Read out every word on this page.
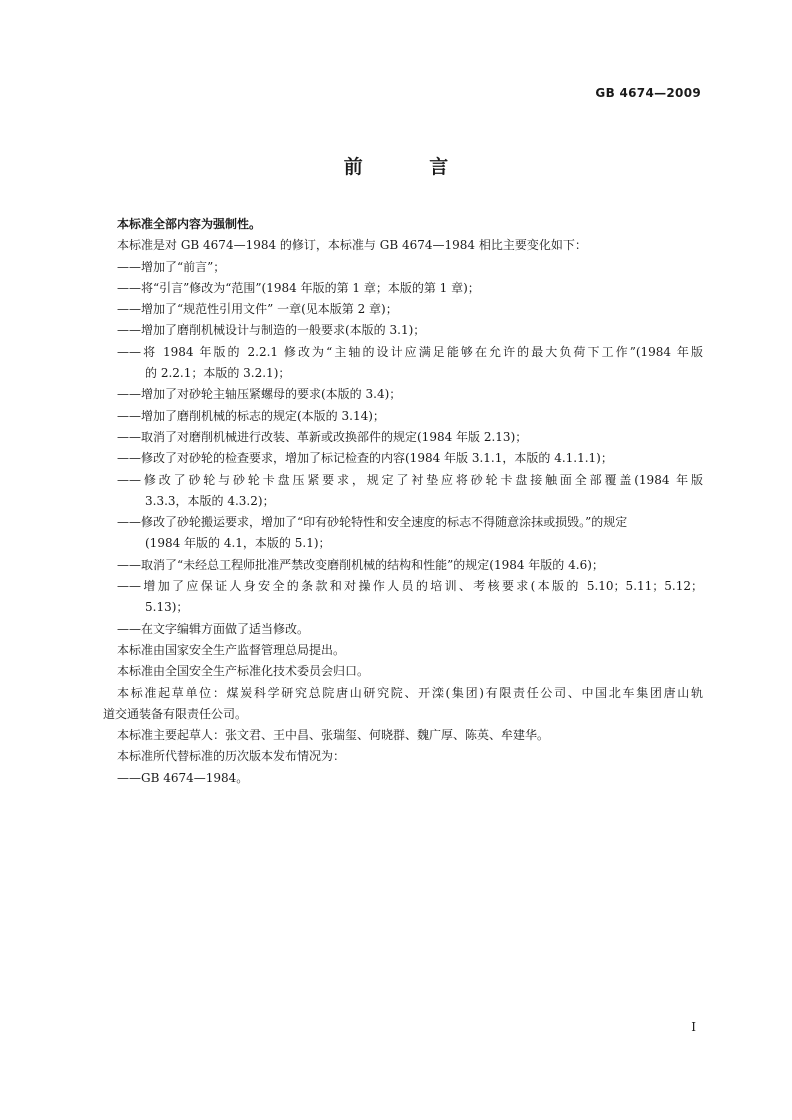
GB 4674—2009
前 言
本标准全部内容为强制性。
本标准是对 GB 4674—1984 的修订，本标准与 GB 4674—1984 相比主要变化如下：
——增加了“前言”；
——将“引言”修改为“范围”(1984 年版的第 1 章；本版的第 1 章)；
——增加了“规范性引用文件” 一章(见本版第 2 章)；
——增加了磨削机械设计与制造的一般要求(本版的 3.1)；
——将 1984 年版的 2.2.1 修改为“主轴的设计应满足能够在允许的最大负荷下工作”(1984 年版
的 2.2.1；本版的 3.2.1)；
——增加了对砂轮主轴压紧螺母的要求(本版的 3.4)；
——增加了磨削机械的标志的规定(本版的 3.14)；
——取消了对磨削机械进行改装、革新或改换部件的规定(1984 年版 2.13)；
——修改了对砂轮的检查要求，增加了标记检查的内容(1984 年版 3.1.1，本版的 4.1.1.1)；
——修改了砂轮与砂轮卡盘压紧要求，规定了衬垫应将砂轮卡盘接触面全部覆盖(1984 年版
3.3.3，本版的 4.3.2)；
——修改了砂轮搬运要求，增加了“印有砂轮特性和安全速度的标志不得随意涂抹或损毁。”的规定
(1984 年版的 4.1，本版的 5.1)；
——取消了“未经总工程师批准严禁改变磨削机械的结构和性能”的规定(1984 年版的 4.6)；
——增加了应保证人身安全的条款和对操作人员的培训、考核要求(本版的 5.10；5.11；5.12；
5.13)；
——在文字编辑方面做了适当修改。
本标准由国家安全生产监督管理总局提出。
本标准由全国安全生产标准化技术委员会归口。
本标准起草单位：煤炭科学研究总院唐山研究院、开滦(集团)有限责任公司、中国北车集团唐山轨
道交通装备有限责任公司。
本标准主要起草人：张文君、王中昌、张瑞玺、何晓群、魏广厚、陈英、牟建华。
本标准所代替标准的历次版本发布情况为：
——GB 4674—1984。
I
